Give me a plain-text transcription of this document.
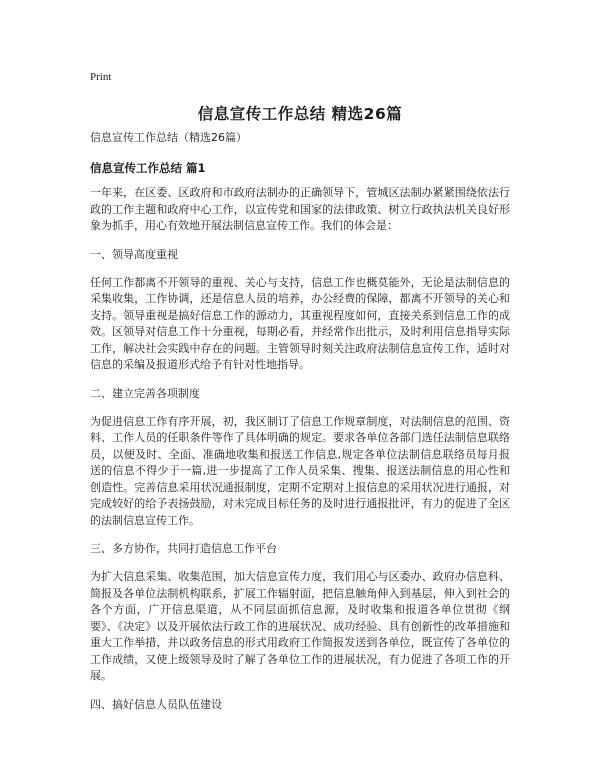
Print
信息宣传工作总结 精选26篇
信息宣传工作总结（精选26篇）
信息宣传工作总结 篇1

一年来，在区委、区政府和市政府法制办的正确领导下，管城区法制办紧紧围绕依法行政的工作主题和政府中心工作，以宣传党和国家的法律政策、树立行政执法机关良好形象为抓手，用心有效地开展法制信息宣传工作。我们的体会是：

一、领导高度重视

任何工作都离不开领导的重视、关心与支持，信息工作也概莫能外，无论是法制信息的采集收集，工作协调，还是信息人员的培养，办公经费的保障，都离不开领导的关心和支持。领导重视是搞好信息工作的源动力，其重视程度如何，直接关系到信息工作的成效。区领导对信息工作十分重视，每期必看，并经常作出批示，及时利用信息指导实际工作，解决社会实践中存在的问题。主管领导时刻关注政府法制信息宣传工作，适时对信息的采编及报道形式给予有针对性地指导。

二、建立完善各项制度

为促进信息工作有序开展，初，我区制订了信息工作规章制度，对法制信息的范围、资料、工作人员的任职条件等作了具体明确的规定。要求各单位各部门选任法制信息联络员，以便及时、全面、准确地收集和报送工作信息,规定各单位法制信息联络员每月报送的信息不得少于一篇,进一步提高了工作人员采集、搜集、报送法制信息的用心性和创造性。完善信息采用状况通报制度，定期不定期对上报信息的采用状况进行通报，对完成较好的给予表扬鼓励，对未完成目标任务的及时进行通报批评，有力的促进了全区的法制信息宣传工作。

三、多方协作，共同打造信息工作平台

为扩大信息采集、收集范围，加大信息宣传力度，我们用心与区委办、政府办信息科、简报及各单位法制机构联系，扩展工作辐射面，把信息触角伸入到基层，伸入到社会的各个方面，广开信息渠道，从不同层面抓信息源，及时收集和报道各单位贯彻《纲要》、《决定》以及开展依法行政工作的进展状况、成功经验、具有创新性的改革措施和重大工作举措，并以政务信息的形式用政府工作简报发送到各单位，既宣传了各单位的工作成绩，又使上级领导及时了解了各单位工作的进展状况，有力促进了各项工作的开展。

四、搞好信息人员队伍建设
